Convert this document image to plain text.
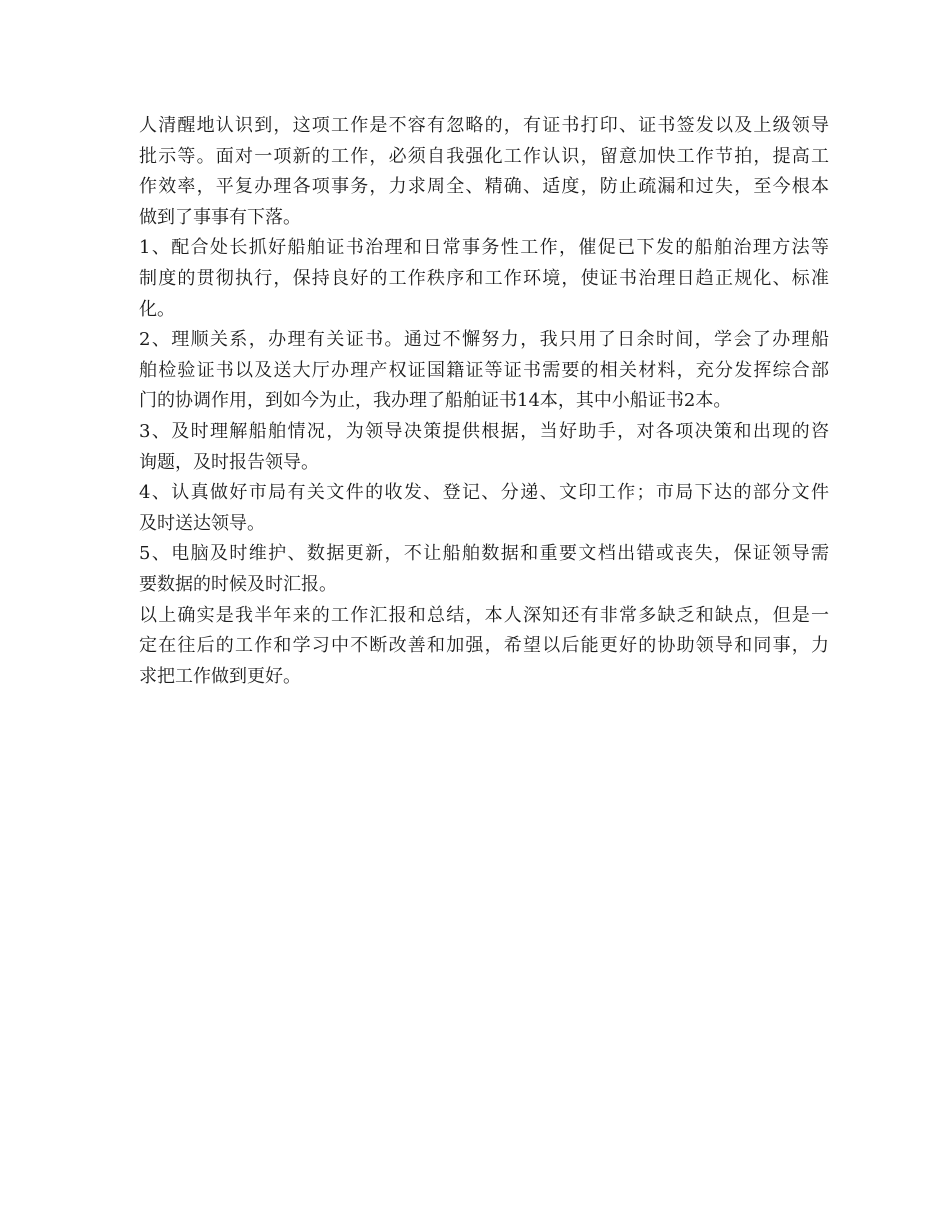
人清醒地认识到，这项工作是不容有忽略的，有证书打印、证书签发以及上级领导
批示等。面对一项新的工作，必须自我强化工作认识，留意加快工作节拍，提高工
作效率，平复办理各项事务，力求周全、精确、适度，防止疏漏和过失，至今根本
做到了事事有下落。
1、配合处长抓好船舶证书治理和日常事务性工作，催促已下发的船舶治理方法等
制度的贯彻执行，保持良好的工作秩序和工作环境，使证书治理日趋正规化、标准
化。
2、理顺关系，办理有关证书。通过不懈努力，我只用了日余时间，学会了办理船
舶检验证书以及送大厅办理产权证国籍证等证书需要的相关材料，充分发挥综合部
门的协调作用，到如今为止，我办理了船舶证书14本，其中小船证书2本。
3、及时理解船舶情况，为领导决策提供根据，当好助手，对各项决策和出现的咨
询题，及时报告领导。
4、认真做好市局有关文件的收发、登记、分递、文印工作；市局下达的部分文件
及时送达领导。
5、电脑及时维护、数据更新，不让船舶数据和重要文档出错或丧失，保证领导需
要数据的时候及时汇报。
以上确实是我半年来的工作汇报和总结，本人深知还有非常多缺乏和缺点，但是一
定在往后的工作和学习中不断改善和加强，希望以后能更好的协助领导和同事，力
求把工作做到更好。
